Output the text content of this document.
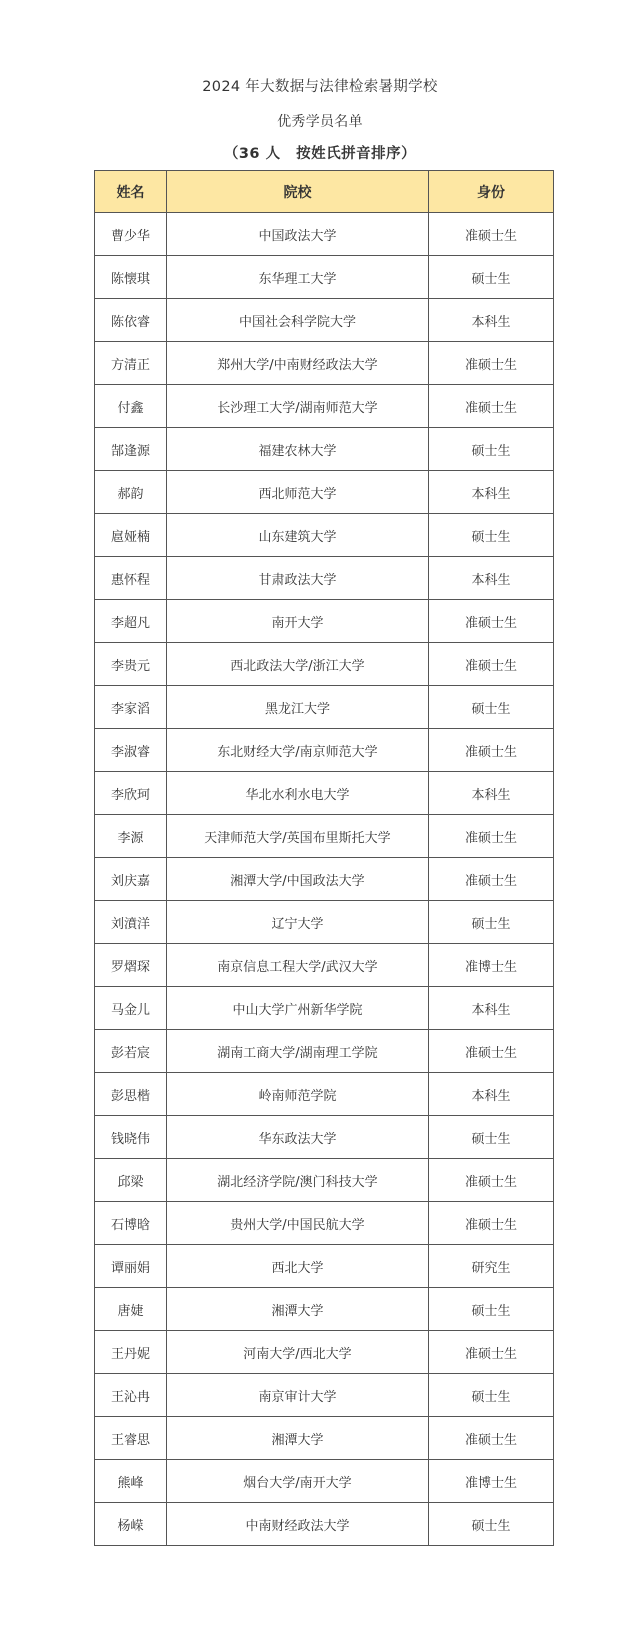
2024 年大数据与法律检索暑期学校
优秀学员名单
（36 人 按姓氏拼音排序）
姓名	院校	身份
曹少华	中国政法大学	准硕士生
陈懐琪	东华理工大学	硕士生
陈依睿	中国社会科学院大学	本科生
方清正	郑州大学/中南财经政法大学	准硕士生
付鑫	长沙理工大学/湖南师范大学	准硕士生
郜逢源	福建农林大学	硕士生
郝韵	西北师范大学	本科生
扈娅楠	山东建筑大学	硕士生
惠怀程	甘肃政法大学	本科生
李超凡	南开大学	准硕士生
李贵元	西北政法大学/浙江大学	准硕士生
李家滔	黑龙江大学	硕士生
李淑睿	东北财经大学/南京师范大学	准硕士生
李欣珂	华北水利水电大学	本科生
李源	天津师范大学/英国布里斯托大学	准硕士生
刘庆嘉	湘潭大学/中国政法大学	准硕士生
刘濆洋	辽宁大学	硕士生
罗熠琛	南京信息工程大学/武汉大学	准博士生
马金儿	中山大学广州新华学院	本科生
彭若宸	湖南工商大学/湖南理工学院	准硕士生
彭思楷	岭南师范学院	本科生
钱晓伟	华东政法大学	硕士生
邱梁	湖北经济学院/澳门科技大学	准硕士生
石博晗	贵州大学/中国民航大学	准硕士生
谭丽娟	西北大学	研究生
唐婕	湘潭大学	硕士生
王丹妮	河南大学/西北大学	准硕士生
王沁冉	南京审计大学	硕士生
王睿思	湘潭大学	准硕士生
熊峰	烟台大学/南开大学	准博士生
杨嵘	中南财经政法大学	硕士生
